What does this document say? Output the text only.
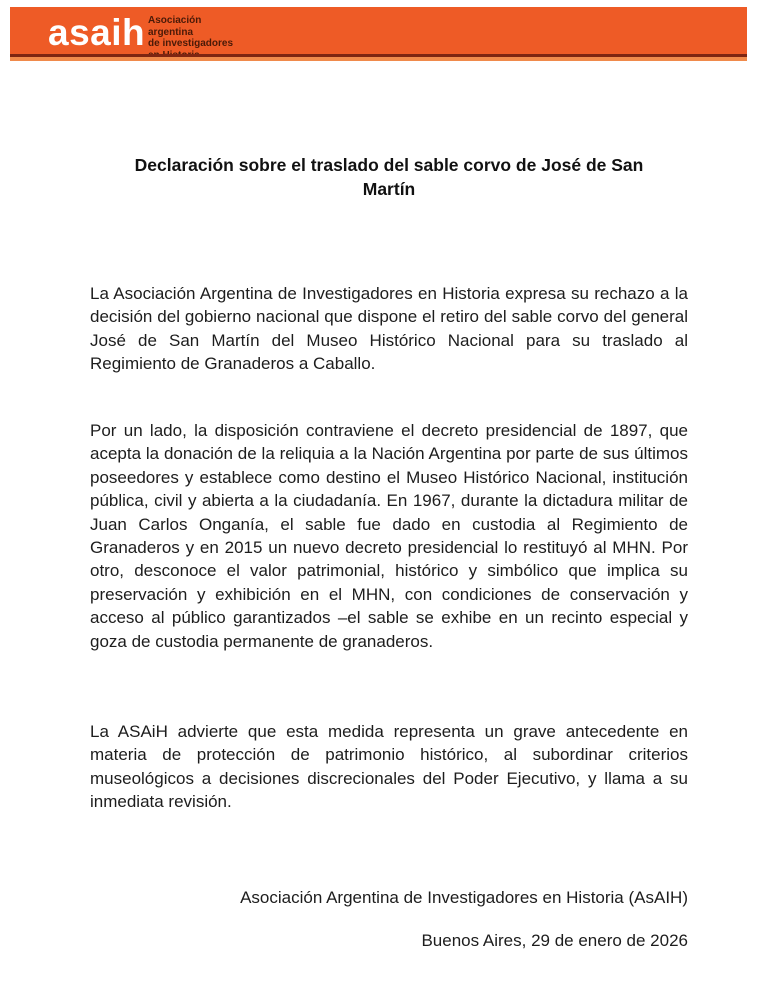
asaih Asociación
argentina
de investigadores
Declaración sobre el traslado del sable corvo de José de San
Martín

La Asociación Argentina de Investigadores en Historia expresa su rechazo a la decisión del gobierno nacional que dispone el retiro del sable corvo del general José de San Martín del Museo Histórico Nacional para su traslado al Regimiento de Granaderos a Caballo.

Por un lado, la disposición contraviene el decreto presidencial de 1897, que acepta la donación de la reliquia a la Nación Argentina por parte de sus últimos poseedores y establece como destino el Museo Histórico Nacional, institución pública, civil y abierta a la ciudadanía. En 1967, durante la dictadura militar de Juan Carlos Onganía, el sable fue dado en custodia al Regimiento de Granaderos y en 2015 un nuevo decreto presidencial lo restituyó al MHN. Por otro, desconoce el valor patrimonial, histórico y simbólico que implica su preservación y exhibición en el MHN, con condiciones de conservación y acceso al público garantizados –el sable se exhibe en un recinto especial y goza de custodia permanente de granaderos.

La ASAiH advierte que esta medida representa un grave antecedente en materia de protección de patrimonio histórico, al subordinar criterios museológicos a decisiones discrecionales del Poder Ejecutivo, y llama a su inmediata revisión.

Asociación Argentina de Investigadores en Historia (AsAIH)
Buenos Aires, 29 de enero de 2026
